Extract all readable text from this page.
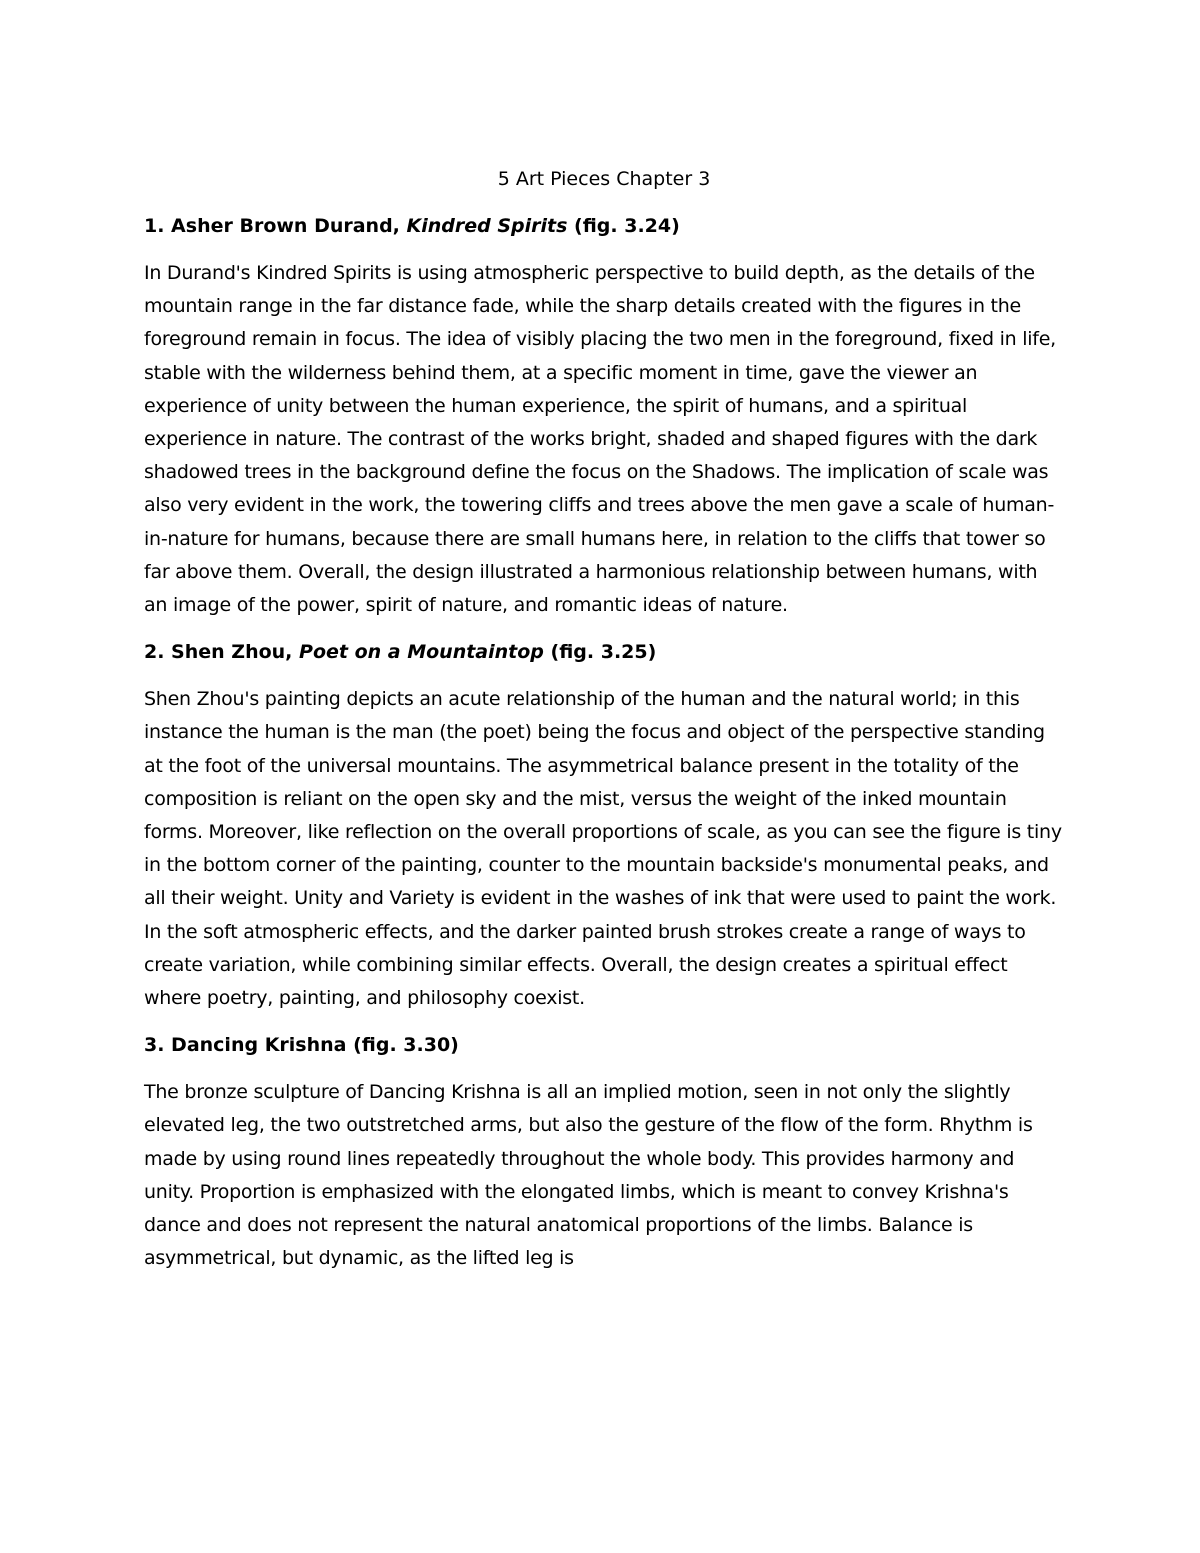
5 Art Pieces Chapter 3
1. Asher Brown Durand, Kindred Spirits (fig. 3.24)

In Durand's Kindred Spirits is using atmospheric perspective to build depth, as the details of the mountain range in the far distance fade, while the sharp details created with the figures in the foreground remain in focus. The idea of visibly placing the two men in the foreground, fixed in life, stable with the wilderness behind them, at a specific moment in time, gave the viewer an experience of unity between the human experience, the spirit of humans, and a spiritual experience in nature. The contrast of the works bright, shaded and shaped figures with the dark shadowed trees in the background define the focus on the Shadows. The implication of scale was also very evident in the work, the towering cliffs and trees above the men gave a scale of human-in-nature for humans, because there are small humans here, in relation to the cliffs that tower so far above them. Overall, the design illustrated a harmonious relationship between humans, with an image of the power, spirit of nature, and romantic ideas of nature.

2. Shen Zhou, Poet on a Mountaintop (fig. 3.25)

Shen Zhou's painting depicts an acute relationship of the human and the natural world; in this instance the human is the man (the poet) being the focus and object of the perspective standing at the foot of the universal mountains. The asymmetrical balance present in the totality of the composition is reliant on the open sky and the mist, versus the weight of the inked mountain forms. Moreover, like reflection on the overall proportions of scale, as you can see the figure is tiny in the bottom corner of the painting, counter to the mountain backside's monumental peaks, and all their weight. Unity and Variety is evident in the washes of ink that were used to paint the work. In the soft atmospheric effects, and the darker painted brush strokes create a range of ways to create variation, while combining similar effects. Overall, the design creates a spiritual effect where poetry, painting, and philosophy coexist.

3. Dancing Krishna (fig. 3.30)

The bronze sculpture of Dancing Krishna is all an implied motion, seen in not only the slightly elevated leg, the two outstretched arms, but also the gesture of the flow of the form. Rhythm is made by using round lines repeatedly throughout the whole body. This provides harmony and unity. Proportion is emphasized with the elongated limbs, which is meant to convey Krishna's dance and does not represent the natural anatomical proportions of the limbs. Balance is asymmetrical, but dynamic, as the lifted leg is
